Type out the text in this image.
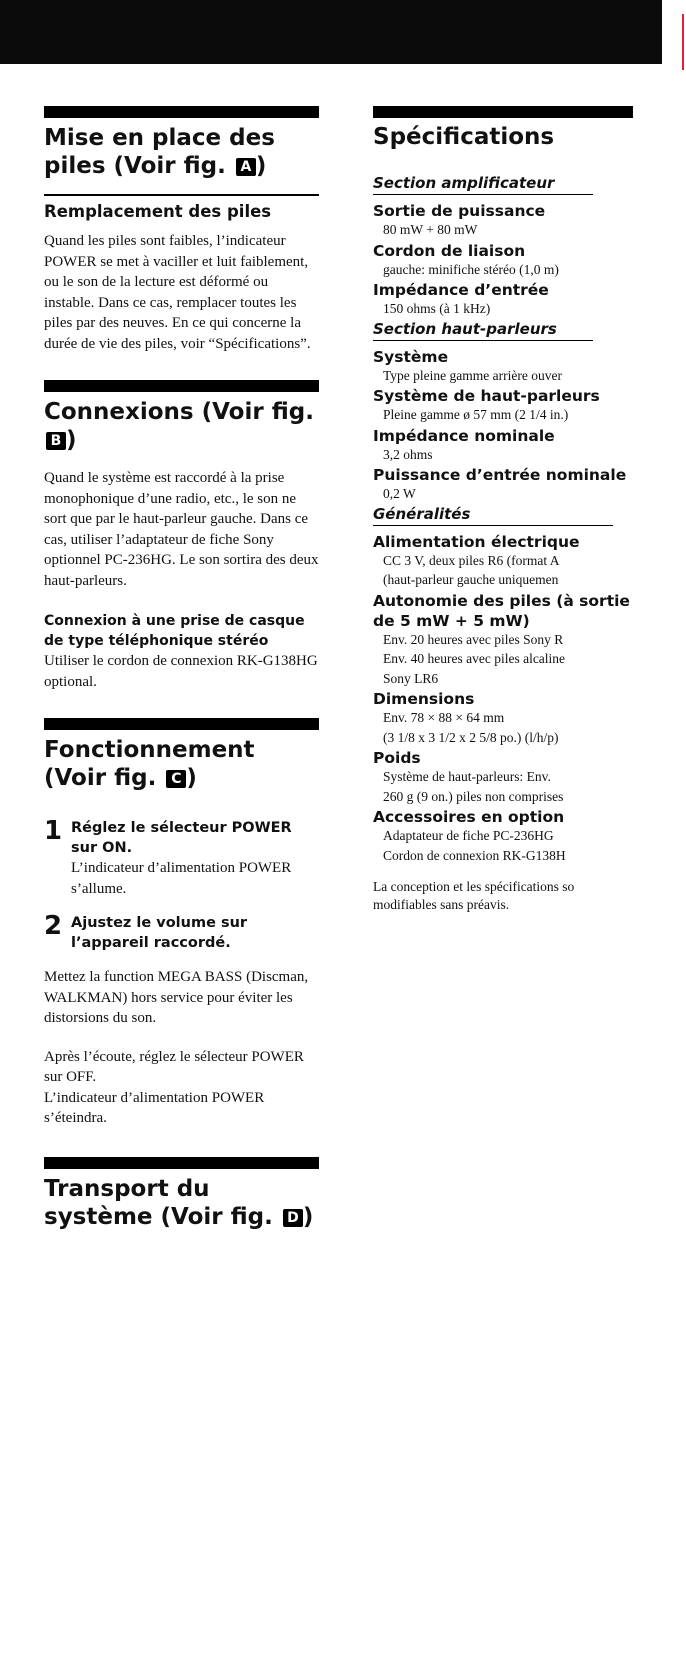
Mise en place des
piles (Voir fig. A )
Remplacement des piles

Quand les piles sont faibles, l’indicateur POWER se met à vaciller et luit faiblement, ou le son de la lecture est déformé ou instable. Dans ce cas, remplacer toutes les piles par des neuves. En ce qui concerne la durée de vie des piles, voir “Spécifications”.

Connexions (Voir fig. B )

Quand le système est raccordé à la prise monophonique d’une radio, etc., le son ne sort que par le haut-parleur gauche. Dans ce cas, utiliser l’adaptateur de fiche Sony optionnel PC-236HG. Le son sortira des deux haut-parleurs.

Connexion à une prise de casque de type téléphonique stéréo

Utiliser le cordon de connexion RK-G138HG optional.

Fonctionnement
(Voir fig. C )
1 Réglez le sélecteur POWER sur ON.

L’indicateur d’alimentation POWER s’allume.

2 Ajustez le volume sur l’appareil raccordé.

Mettez la function MEGA BASS (Discman, WALKMAN) hors service pour éviter les distorsions du son.

Après l’écoute, réglez le sélecteur POWER sur OFF.

L’indicateur d’alimentation POWER s’éteindra.

Transport du
système (Voir fig. D )
Spécifications
Section amplificateur
Sortie de puissance
80 mW + 80 mW
Cordon de liaison
gauche: minifiche stéréo (1,0 m)
Impédance d’entrée
150 ohms (à 1 kHz)
Section haut-parleurs
Système
Type pleine gamme arrière ouver
Système de haut-parleurs
Pleine gamme ø 57 mm (2 1/4 in.)
Impédance nominale
3,2 ohms
Puissance d’entrée nominale
0,2 W
Généralités
Alimentation électrique
CC 3 V, deux piles R6 (format A
(haut-parleur gauche uniquemen
Autonomie des piles (à sortie
de 5 mW + 5 mW)
Env. 20 heures avec piles Sony R
Env. 40 heures avec piles alcaline
Sony LR6
Dimensions
Env. 78 × 88 × 64 mm
(3 1/8 x 3 1/2 x 2 5/8 po.) (l/h/p)
Poids
Système de haut-parleurs: Env.
260 g (9 on.) piles non comprises
Accessoires en option
Adaptateur de fiche PC-236HG
Cordon de connexion RK-G138H
La conception et les spécifications so
modifiables sans préavis.
